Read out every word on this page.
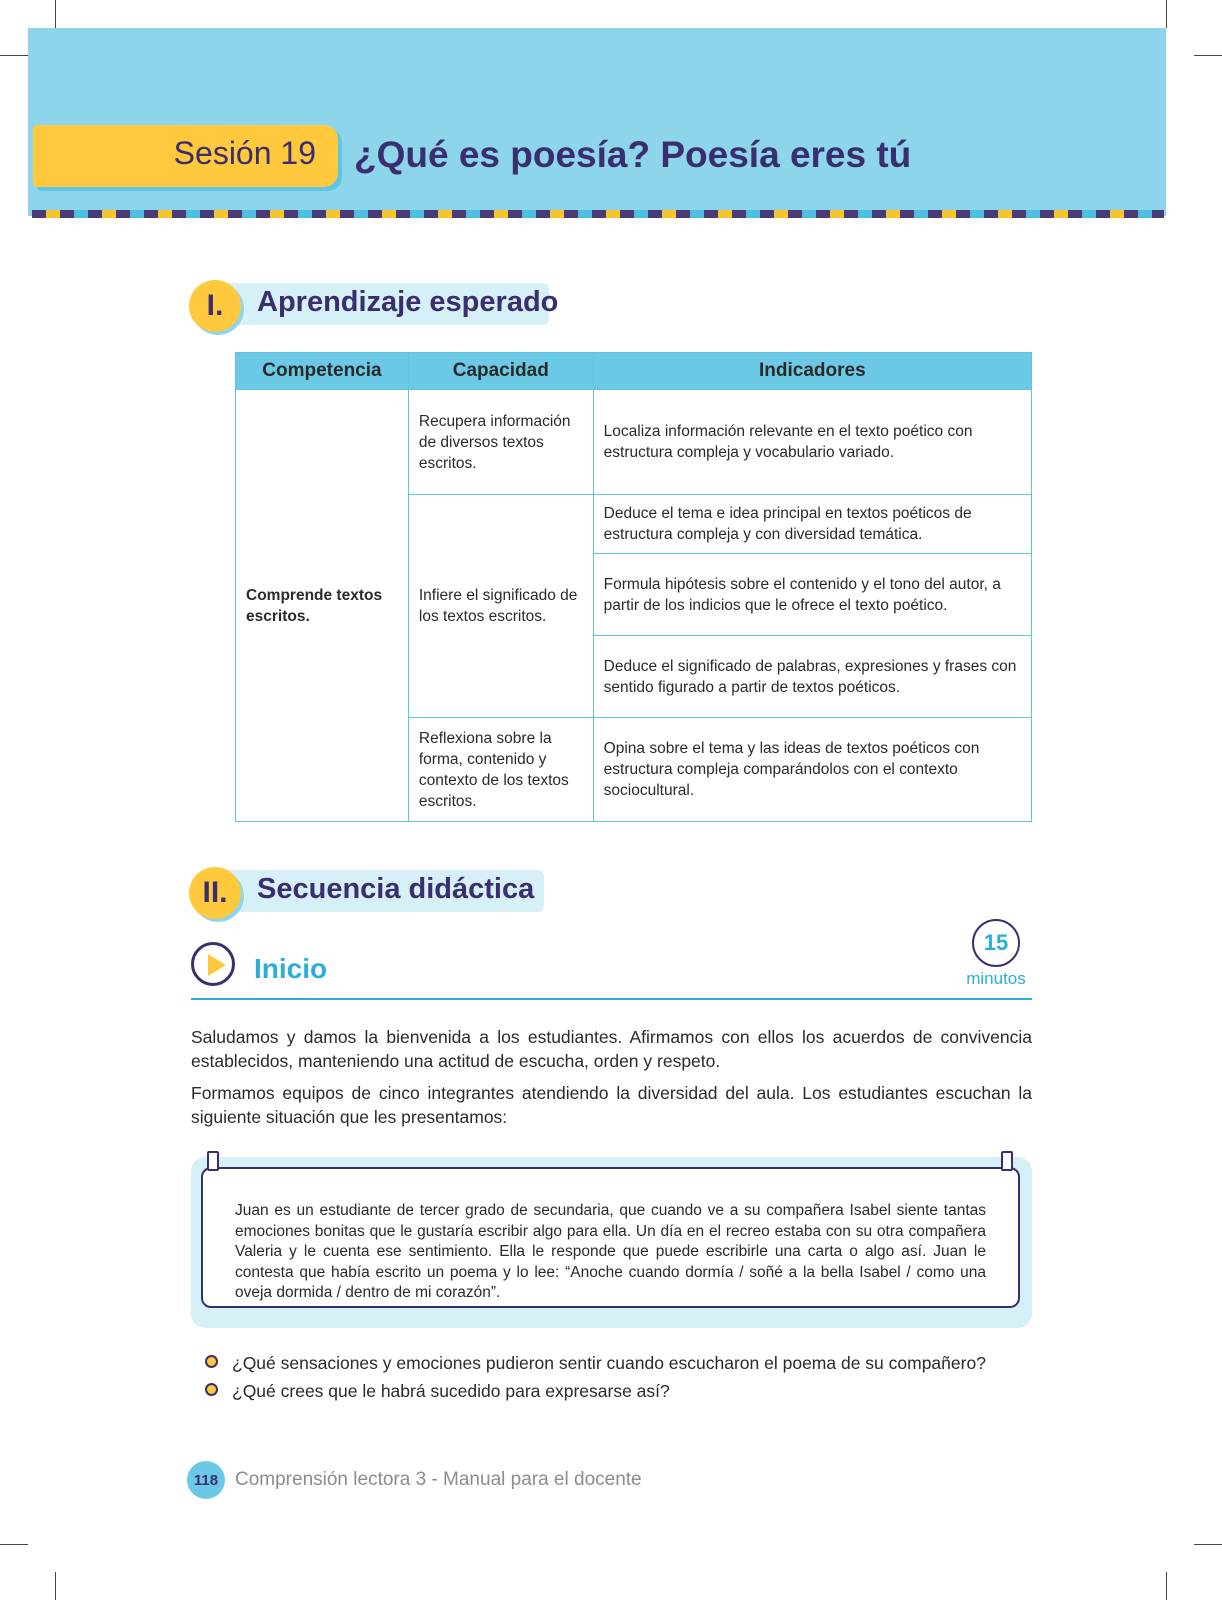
Sesión 19 ¿Qué es poesía? Poesía eres tú
I.	Aprendizaje esperado
Competencia	Capacidad	Indicadores
Comprende textos escritos.	Recupera información de diversos textos escritos.	Localiza información relevante en el texto poético con estructura compleja y vocabulario variado.
	Infiere el significado de los textos escritos.	Deduce el tema e idea principal en textos poéticos de estructura compleja y con diversidad temática.
		Formula hipótesis sobre el contenido y el tono del autor, a partir de los indicios que le ofrece el texto poético.
		Deduce el significado de palabras, expresiones y frases con sentido figurado a partir de textos poéticos.
	Reflexiona sobre la forma, contenido y contexto de los textos escritos.	Opina sobre el tema y las ideas de textos poéticos con estructura compleja comparándolos con el contexto sociocultural.
II.	Secuencia didáctica
Inicio
15
minutos
Saludamos y damos la bienvenida a los estudiantes. Afirmamos con ellos los acuerdos de convivencia establecidos, manteniendo una actitud de escucha, orden y respeto.
Formamos equipos de cinco integrantes atendiendo la diversidad del aula. Los estudiantes escuchan la siguiente situación que les presentamos:
Juan es un estudiante de tercer grado de secundaria, que cuando ve a su compañera Isabel siente tantas emociones bonitas que le gustaría escribir algo para ella. Un día en el recreo estaba con su otra compañera Valeria y le cuenta ese sentimiento. Ella le responde que puede escribirle una carta o algo así. Juan le contesta que había escrito un poema y lo lee: “Anoche cuando dormía / soñé a la bella Isabel / como una oveja dormida / dentro de mi corazón”.
¿Qué sensaciones y emociones pudieron sentir cuando escucharon el poema de su compañero?
¿Qué crees que le habrá sucedido para expresarse así?
118 Comprensión lectora 3 - Manual para el docente
